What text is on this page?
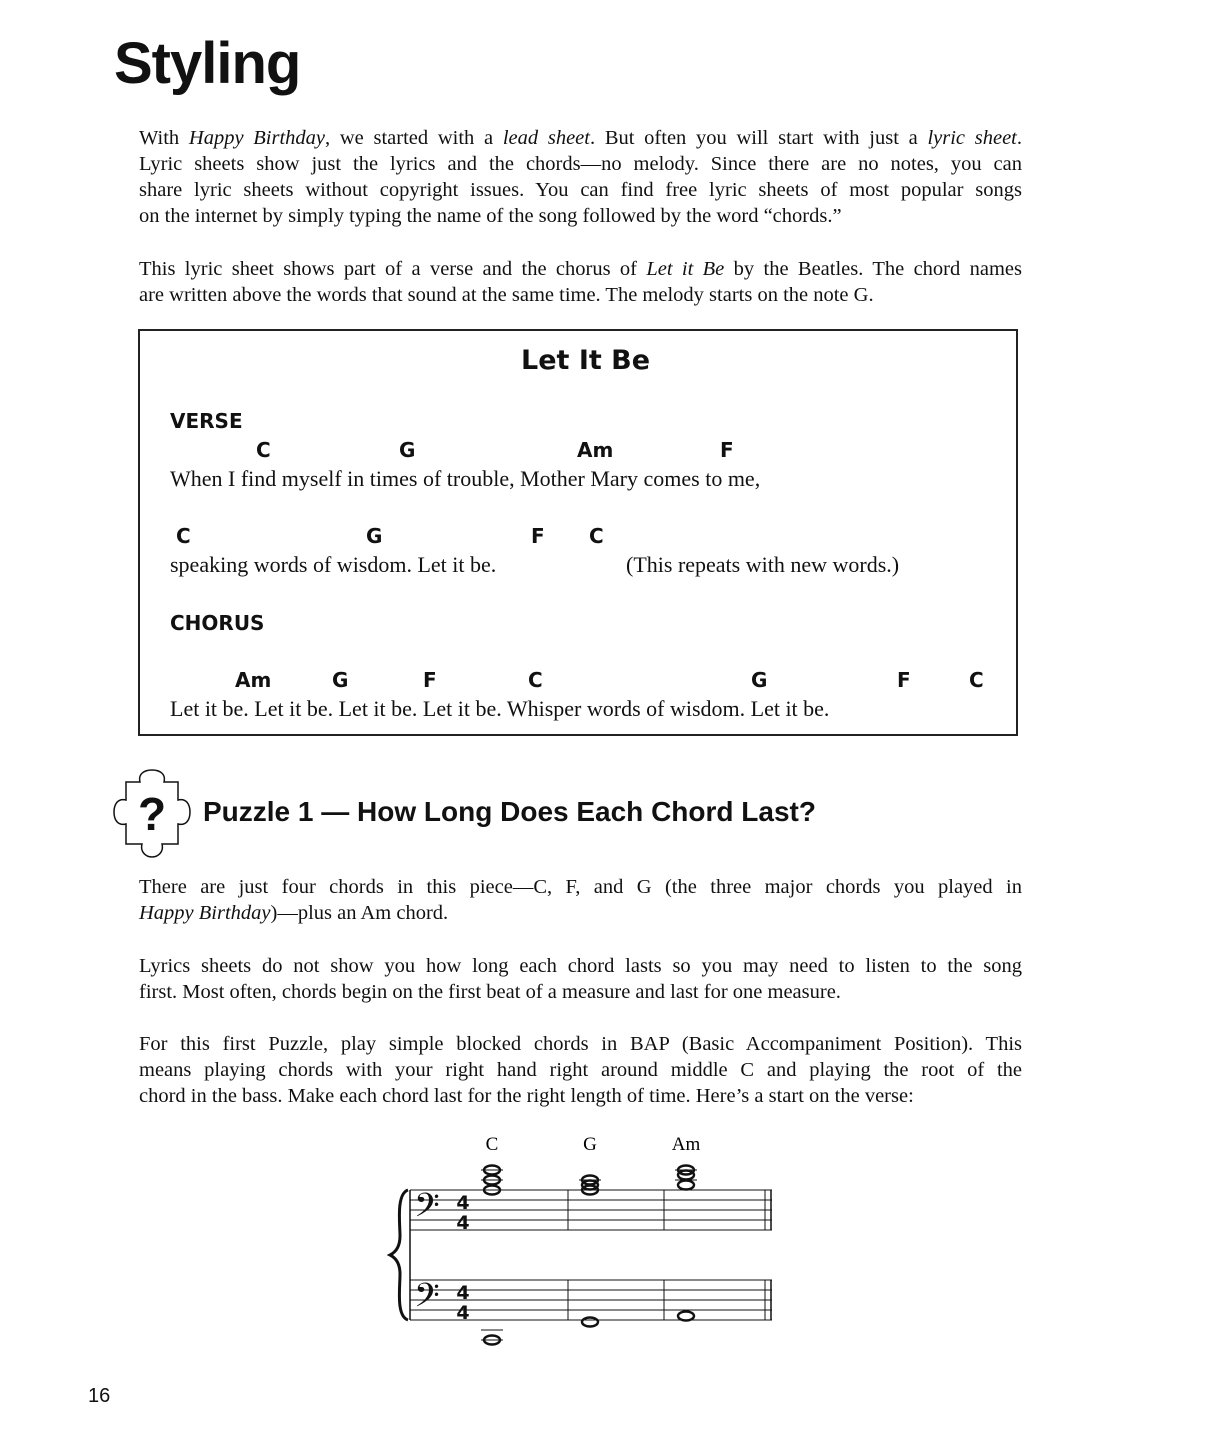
Styling

With Happy Birthday, we started with a lead sheet. But often you will start with just a lyric sheet.
Lyric sheets show just the lyrics and the chords—no melody. Since there are no notes, you can
share lyric sheets without copyright issues. You can find free lyric sheets of most popular songs
on the internet by simply typing the name of the song followed by the word “chords.”

This lyric sheet shows part of a verse and the chorus of Let it Be by the Beatles. The chord names
are written above the words that sound at the same time. The melody starts on the note G.

Let It Be
VERSE
C	G	Am	F
When I find myself in times of trouble, Mother Mary comes to me,
C	G	F C
speaking words of wisdom. Let it be.	(This repeats with new words.)
CHORUS
Am	G	F	C	G	F	C
Let it be. Let it be. Let it be. Let it be. Whisper words of wisdom. Let it be.
? Puzzle 1 — How Long Does Each Chord Last?

There are just four chords in this piece—C, F, and G (the three major chords you played in
Happy Birthday)—plus an Am chord.

Lyrics sheets do not show you how long each chord lasts so you may need to listen to the song
first. Most often, chords begin on the first beat of a measure and last for one measure.

For this first Puzzle, play simple blocked chords in BAP (Basic Accompaniment Position). This
means playing chords with your right hand right around middle C and playing the root of the
chord in the bass. Make each chord last for the right length of time. Here’s a start on the verse:

C	G	Am
𝄢
𝄢
4
4
4
4
16
